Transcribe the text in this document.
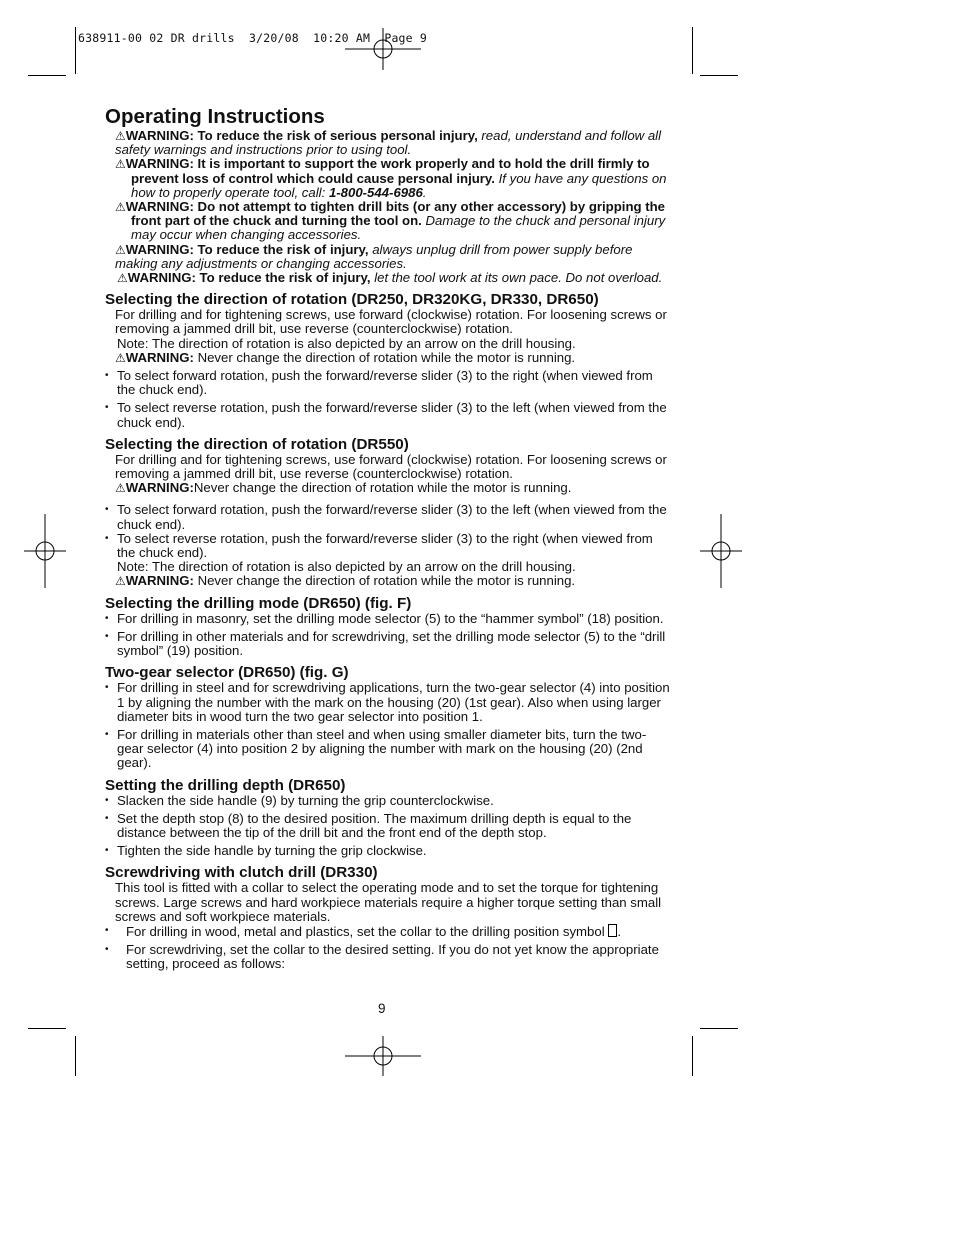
638911-00 02 DR drills  3/20/08  10:20 AM  Page 9
Operating Instructions

⚠WARNING: To reduce the risk of serious personal injury, read, understand and follow all safety warnings and instructions prior to using tool.

⚠WARNING: It is important to support the work properly and to hold the drill firmly to prevent loss of control which could cause personal injury. If you have any questions on how to properly operate tool, call: 1-800-544-6986.

⚠WARNING: Do not attempt to tighten drill bits (or any other accessory) by gripping the front part of the chuck and turning the tool on. Damage to the chuck and personal injury may occur when changing accessories.

⚠WARNING: To reduce the risk of injury, always unplug drill from power supply before making any adjustments or changing accessories.

⚠WARNING: To reduce the risk of injury, let the tool work at its own pace. Do not overload.

Selecting the direction of rotation (DR250, DR320KG, DR330, DR650)

For drilling and for tightening screws, use forward (clockwise) rotation. For loosening screws or removing a jammed drill bit, use reverse (counterclockwise) rotation.

Note: The direction of rotation is also depicted by an arrow on the drill housing.

⚠WARNING: Never change the direction of rotation while the motor is running.

• To select forward rotation, push the forward/reverse slider (3) to the right (when viewed from the chuck end).
• To select reverse rotation, push the forward/reverse slider (3) to the left (when viewed from the chuck end).
Selecting the direction of rotation (DR550)

For drilling and for tightening screws, use forward (clockwise) rotation. For loosening screws or removing a jammed drill bit, use reverse (counterclockwise) rotation.

⚠WARNING:Never change the direction of rotation while the motor is running.

• To select forward rotation, push the forward/reverse slider (3) to the left (when viewed from the chuck end).
• To select reverse rotation, push the forward/reverse slider (3) to the right (when viewed from the chuck end).

Note: The direction of rotation is also depicted by an arrow on the drill housing.

⚠WARNING: Never change the direction of rotation while the motor is running.

Selecting the drilling mode (DR650) (fig. F)
• For drilling in masonry, set the drilling mode selector (5) to the “hammer symbol” (18) position.
• For drilling in other materials and for screwdriving, set the drilling mode selector (5) to the “drill symbol” (19) position.
Two-gear selector (DR650) (fig. G)
• For drilling in steel and for screwdriving applications, turn the two-gear selector (4) into position 1 by aligning the number with the mark on the housing (20) (1st gear). Also when using larger diameter bits in wood turn the two gear selector into position 1.
• For drilling in materials other than steel and when using smaller diameter bits, turn the two-gear selector (4) into position 2 by aligning the number with mark on the housing (20) (2nd gear).
Setting the drilling depth (DR650)
• Slacken the side handle (9) by turning the grip counterclockwise.
• Set the depth stop (8) to the desired position. The maximum drilling depth is equal to the distance between the tip of the drill bit and the front end of the depth stop.
• Tighten the side handle by turning the grip clockwise.
Screwdriving with clutch drill (DR330)

This tool is fitted with a collar to select the operating mode and to set the torque for tightening screws. Large screws and hard workpiece materials require a higher torque setting than small screws and soft workpiece materials.

• For drilling in wood, metal and plastics, set the collar to the drilling position symbol .
• For screwdriving, set the collar to the desired setting. If you do not yet know the appropriate setting, proceed as follows:
9
